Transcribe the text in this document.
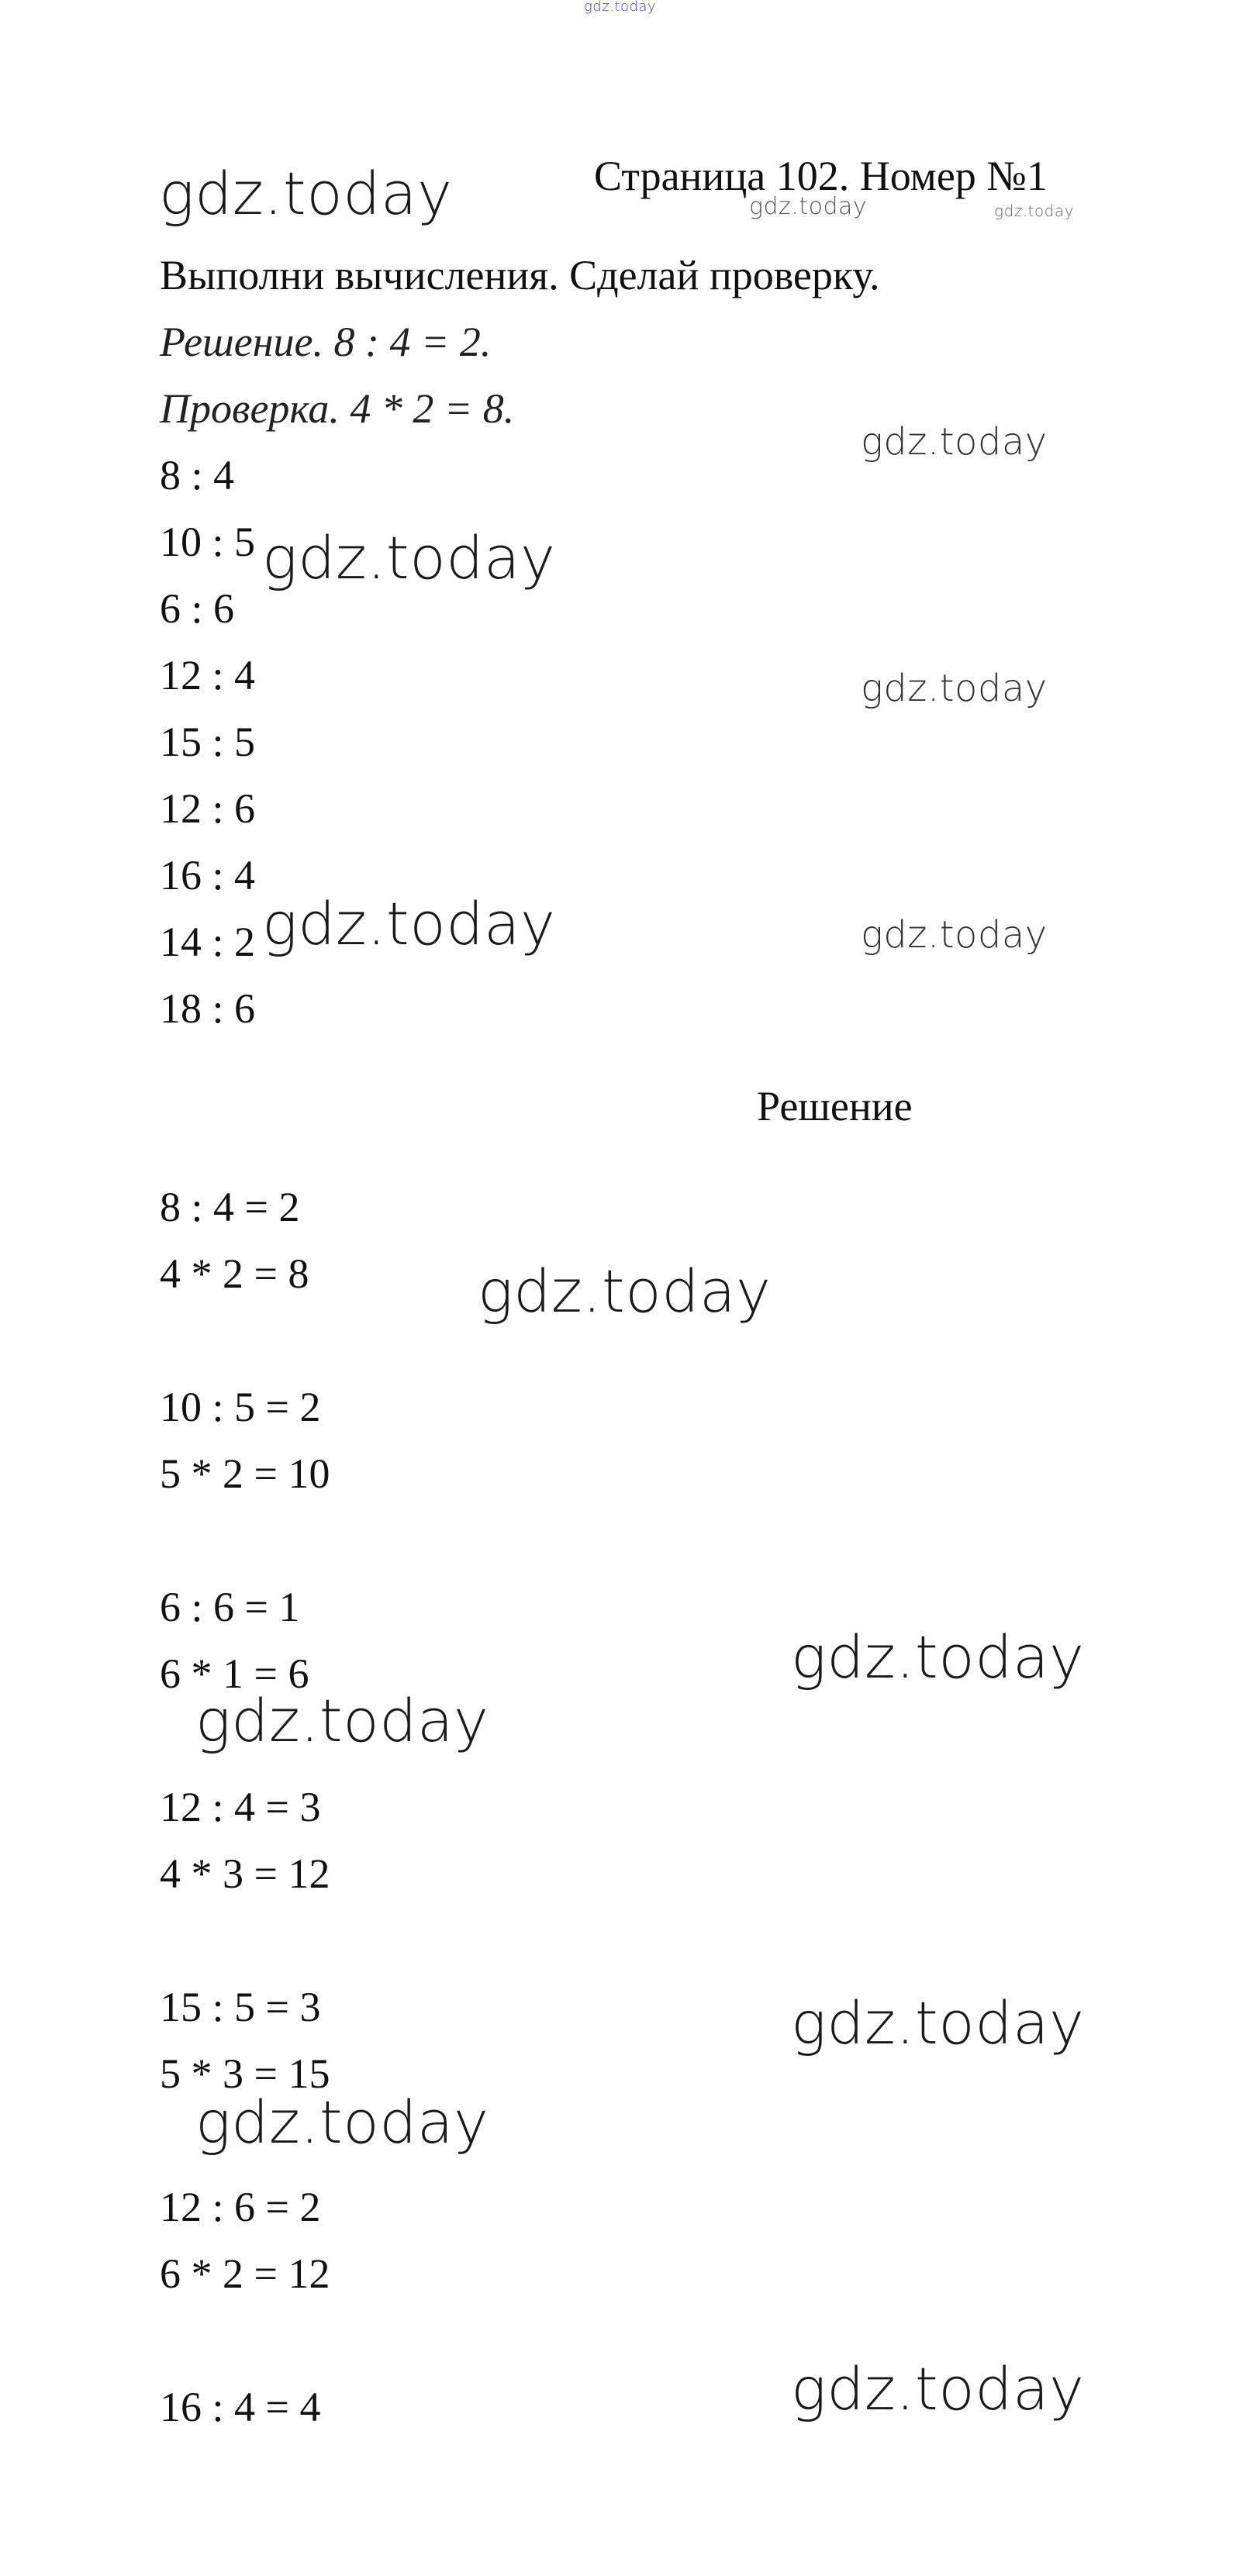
gdz.today
gdz.today	Страница 102. Номер №1
gdz.today	gdz.today
Выполни вычисления. Сделай проверку.
Решение. 8 : 4 = 2.
Проверка. 4 * 2 = 8.
8 : 4
10 : 5
6 : 6
12 : 4
15 : 5
12 : 6
16 : 4
14 : 2
18 : 6
gdz.today
gdz.today
gdz.today
gdz.today	gdz.today
Решение
8 : 4 = 2
4 * 2 = 8
10 : 5 = 2
5 * 2 = 10
6 : 6 = 1
6 * 1 = 6
12 : 4 = 3
4 * 3 = 12
15 : 5 = 3
5 * 3 = 15
12 : 6 = 2
6 * 2 = 12
16 : 4 = 4
gdz.today
gdz.today
gdz.today
gdz.today
gdz.today
gdz.today
